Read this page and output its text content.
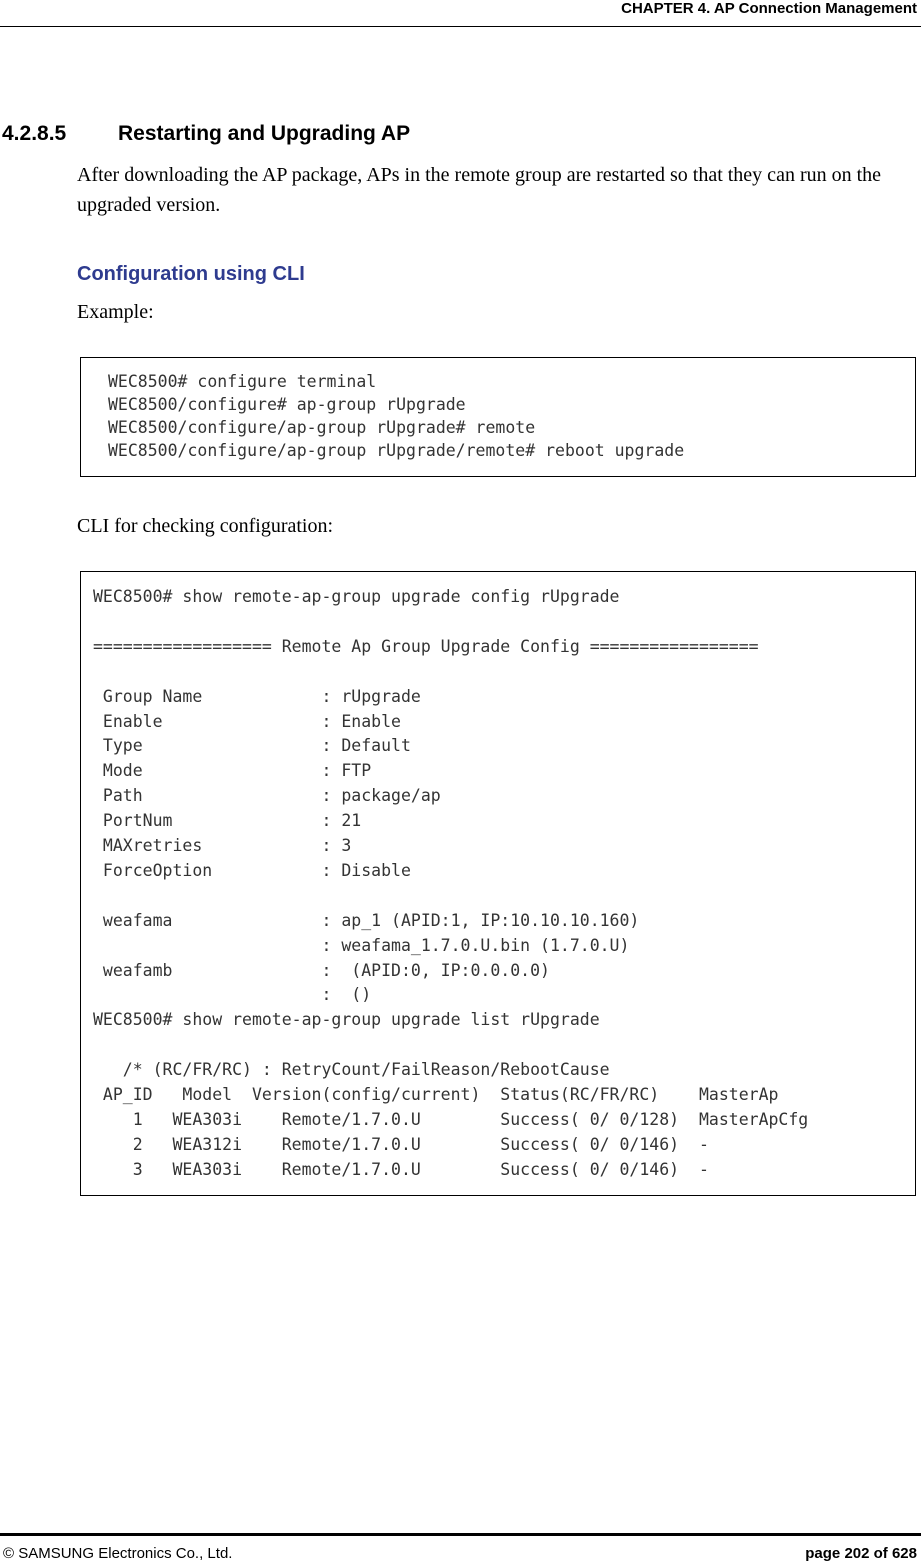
CHAPTER 4. AP Connection Management
4.2.8.5 Restarting and Upgrading AP
After downloading the AP package, APs in the remote group are restarted so that they can run on the upgraded version.
Configuration using CLI
Example:
WEC8500# configure terminal
WEC8500/configure# ap-group rUpgrade
WEC8500/configure/ap-group rUpgrade# remote
WEC8500/configure/ap-group rUpgrade/remote# reboot upgrade
CLI for checking configuration:
WEC8500# show remote-ap-group upgrade config rUpgrade
================== Remote Ap Group Upgrade Config =================
Group Name            : rUpgrade
Enable                : Enable
Type                  : Default
Mode                  : FTP
Path                  : package/ap
PortNum               : 21
MAXretries            : 3
ForceOption           : Disable
weafama               : ap_1 (APID:1, IP:10.10.10.160)
: weafama_1.7.0.U.bin (1.7.0.U)
weafamb               :  (APID:0, IP:0.0.0.0)
:  ()
WEC8500# show remote-ap-group upgrade list rUpgrade
/* (RC/FR/RC) : RetryCount/FailReason/RebootCause
AP_ID   Model  Version(config/current)  Status(RC/FR/RC)    MasterAp
1   WEA303i    Remote/1.7.0.U        Success( 0/ 0/128)  MasterApCfg
2   WEA312i    Remote/1.7.0.U        Success( 0/ 0/146)  -
3   WEA303i    Remote/1.7.0.U        Success( 0/ 0/146)  -
© SAMSUNG Electronics Co., Ltd.	page 202 of 628
